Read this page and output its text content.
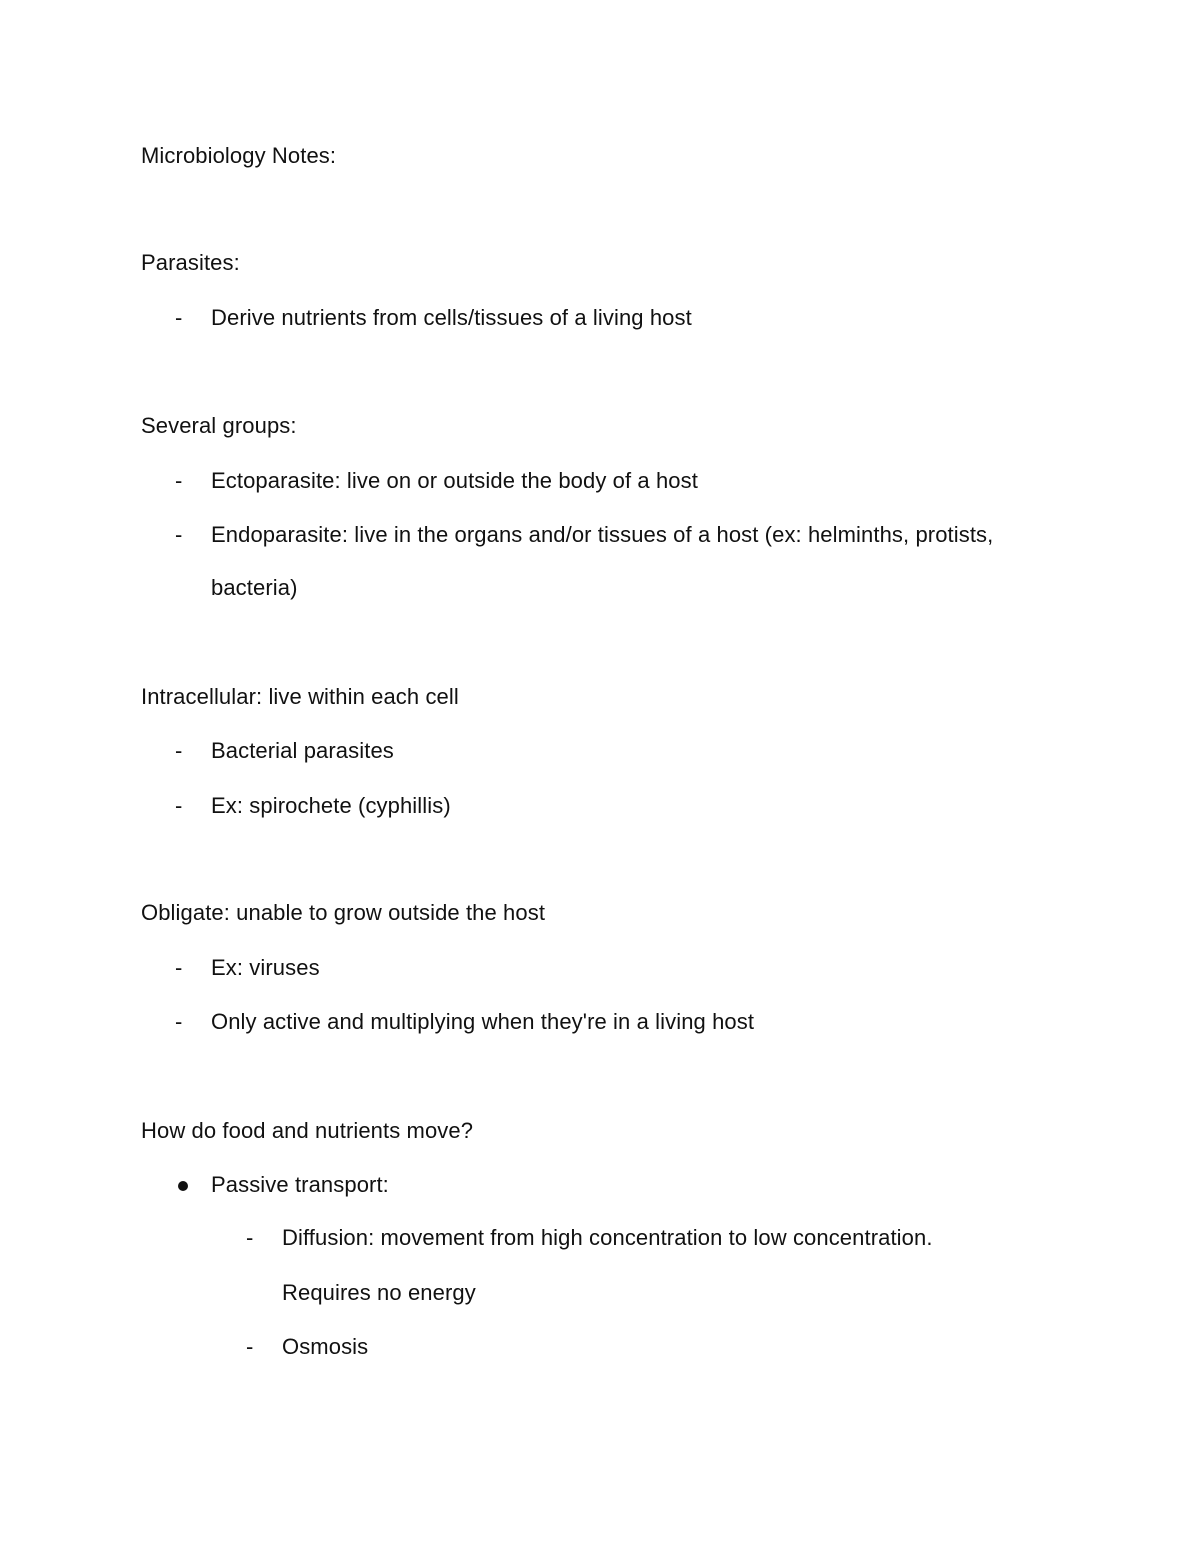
Microbiology Notes:
Parasites:
- Derive nutrients from cells/tissues of a living host
Several groups:
- Ectoparasite: live on or outside the body of a host
- Endoparasite: live in the organs and/or tissues of a host (ex: helminths, protists,
bacteria)
Intracellular: live within each cell
- Bacterial parasites
- Ex: spirochete (cyphillis)
Obligate: unable to grow outside the host
- Ex: viruses
- Only active and multiplying when they're in a living host
How do food and nutrients move?
Passive transport:
- Diffusion: movement from high concentration to low concentration.
Requires no energy
- Osmosis
